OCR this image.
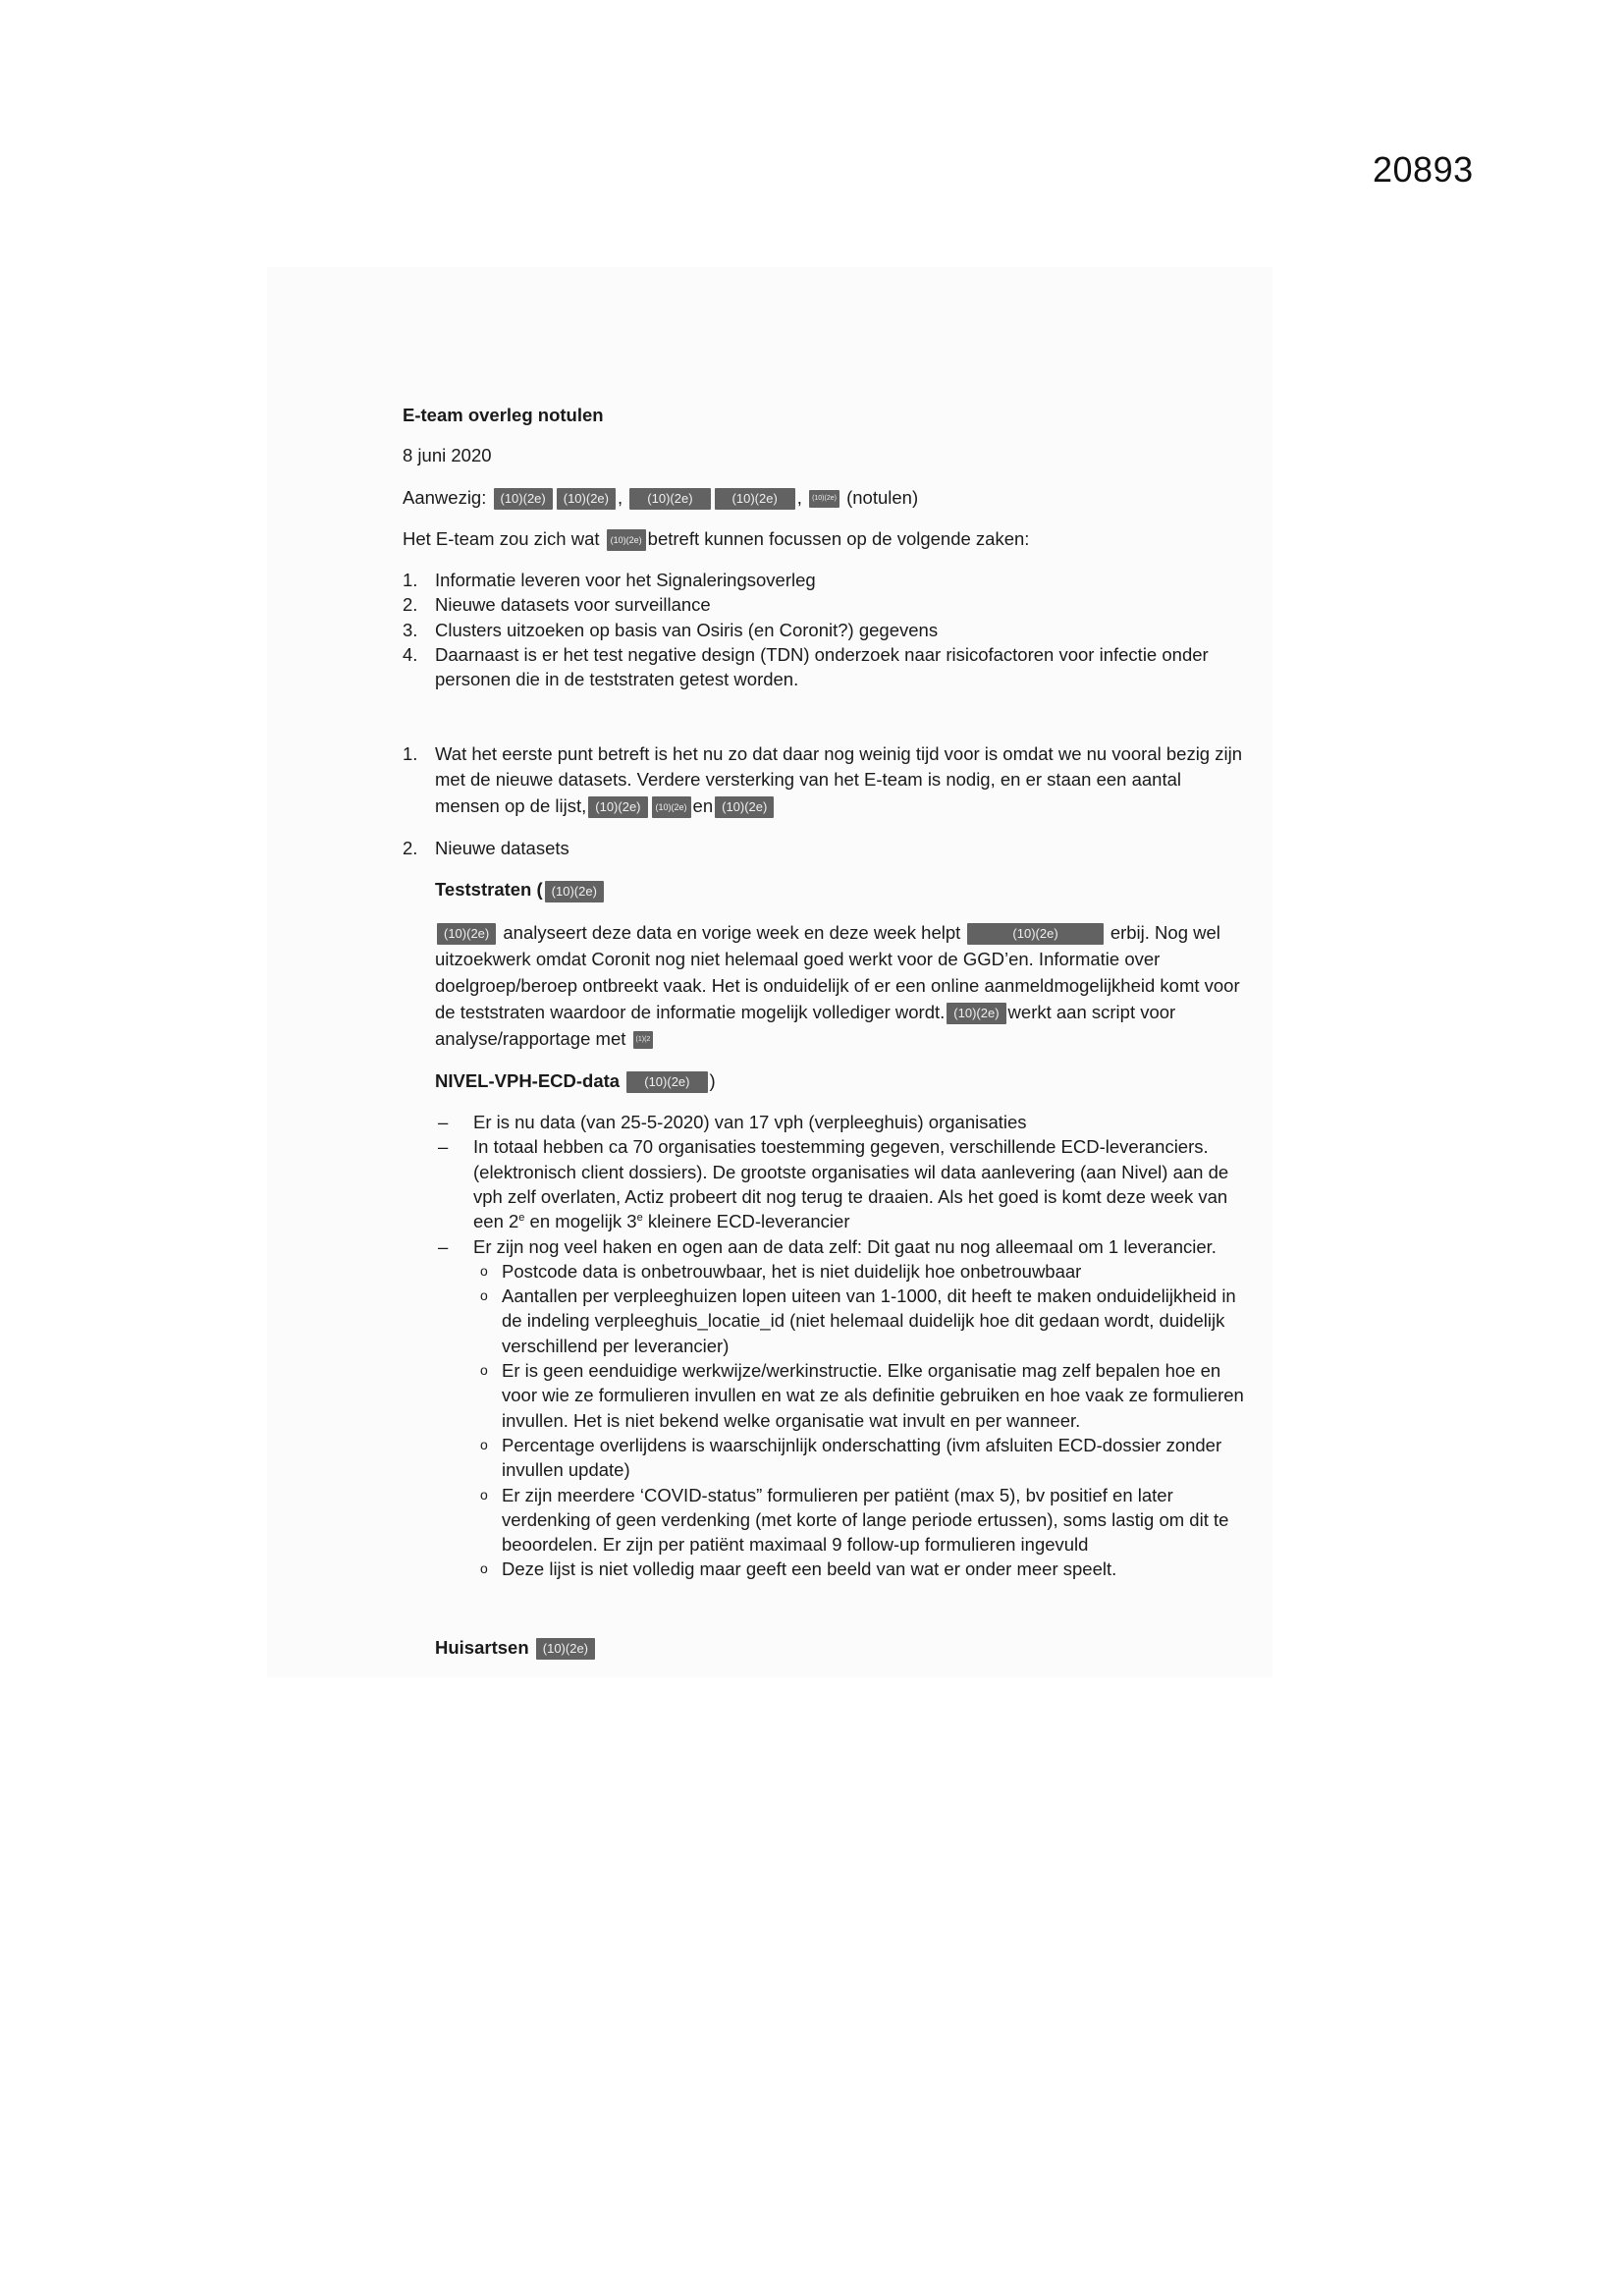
20893
E-team overleg notulen
8 juni 2020
Aanwezig: (10)(2e) (10)(2e) , (10)(2e)	(10)(2e) , (10)(2e) (notulen)
Het E-team zou zich wat (10)(2e) betreft kunnen focussen op de volgende zaken:
1. Informatie leveren voor het Signaleringsoverleg
2. Nieuwe datasets voor surveillance
3. Clusters uitzoeken op basis van Osiris (en Coronit?) gegevens
4. Daarnaast is er het test negative design (TDN) onderzoek naar risicofactoren voor infectie onder personen die in de teststraten getest worden.
1. Wat het eerste punt betreft is het nu zo dat daar nog weinig tijd voor is omdat we nu vooral bezig zijn met de nieuwe datasets. Verdere versterking van het E-team is nodig, en er staan een aantal mensen op de lijst, (10)(2e) (10)(2e) en (10)(2e)
2. Nieuwe datasets
Teststraten ( (10)(2e)
(10)(2e) analyseert deze data en vorige week en deze week helpt	(10)(2e)	erbij. Nog wel uitzoekwerk omdat Coronit nog niet helemaal goed werkt voor de GGD’en. Informatie over doelgroep/beroep ontbreekt vaak. Het is onduidelijk of er een online aanmeldmogelijkheid komt voor de teststraten waardoor de informatie mogelijk vollediger wordt. (10)(2e) werkt aan script voor analyse/rapportage met (1)(2
NIVEL-VPH-ECD-data (10)(2e) )
– Er is nu data (van 25-5-2020) van 17 vph (verpleeghuis) organisaties
– In totaal hebben ca 70 organisaties toestemming gegeven, verschillende ECD-leveranciers. (elektronisch client dossiers). De grootste organisaties wil data aanlevering (aan Nivel) aan de vph zelf overlaten, Actiz probeert dit nog terug te draaien. Als het goed is komt deze week van een 2e en mogelijk 3e kleinere ECD-leverancier
– Er zijn nog veel haken en ogen aan de data zelf: Dit gaat nu nog alleemaal om 1 leverancier.
o Postcode data is onbetrouwbaar, het is niet duidelijk hoe onbetrouwbaar
o Aantallen per verpleeghuizen lopen uiteen van 1-1000, dit heeft te maken onduidelijkheid in de indeling verpleeghuis_locatie_id (niet helemaal duidelijk hoe dit gedaan wordt, duidelijk verschillend per leverancier)
o Er is geen eenduidige werkwijze/werkinstructie. Elke organisatie mag zelf bepalen hoe en voor wie ze formulieren invullen en wat ze als definitie gebruiken en hoe vaak ze formulieren invullen. Het is niet bekend welke organisatie wat invult en per wanneer.
o Percentage overlijdens is waarschijnlijk onderschatting (ivm afsluiten ECD-dossier zonder invullen update)
o Er zijn meerdere ‘COVID-status” formulieren per patiënt (max 5), bv positief en later verdenking of geen verdenking (met korte of lange periode ertussen), soms lastig om dit te beoordelen. Er zijn per patiënt maximaal 9 follow-up formulieren ingevuld
o Deze lijst is niet volledig maar geeft een beeld van wat er onder meer speelt.
Huisartsen (10)(2e)
